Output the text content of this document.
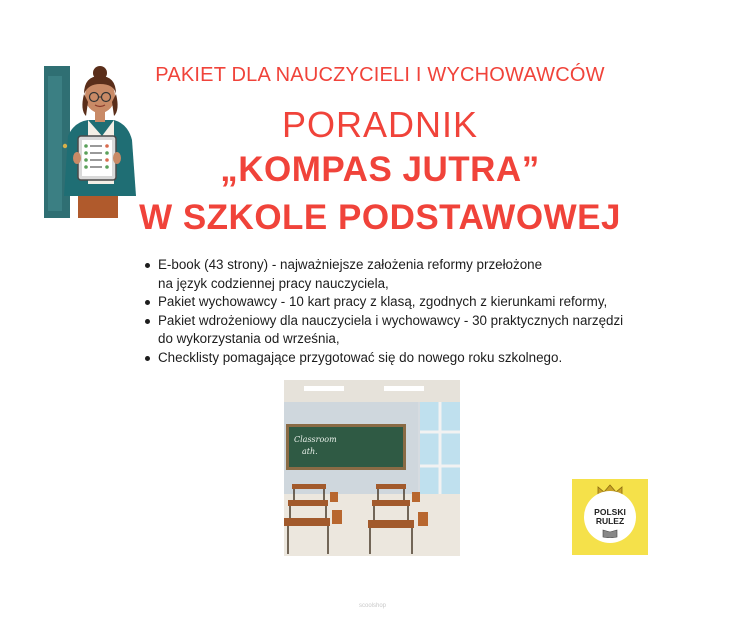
PAKIET DLA NAUCZYCIELI I WYCHOWAWCÓW
PORADNIK
„KOMPAS JUTRA”
W SZKOLE PODSTAWOWEJ
E-book (43 strony) - najważniejsze założenia reformy przełożone
na język codziennej pracy nauczyciela,
Pakiet wychowawcy - 10 kart pracy z klasą, zgodnych z kierunkami reformy,
Pakiet wdrożeniowy dla nauczyciela i wychowawcy - 30 praktycznych narzędzi
do wykorzystania od września,
Checklisty pomagające przygotować się do nowego roku szkolnego.
Classroom
ath.
POLSKI
RULEZ
scoolshop
